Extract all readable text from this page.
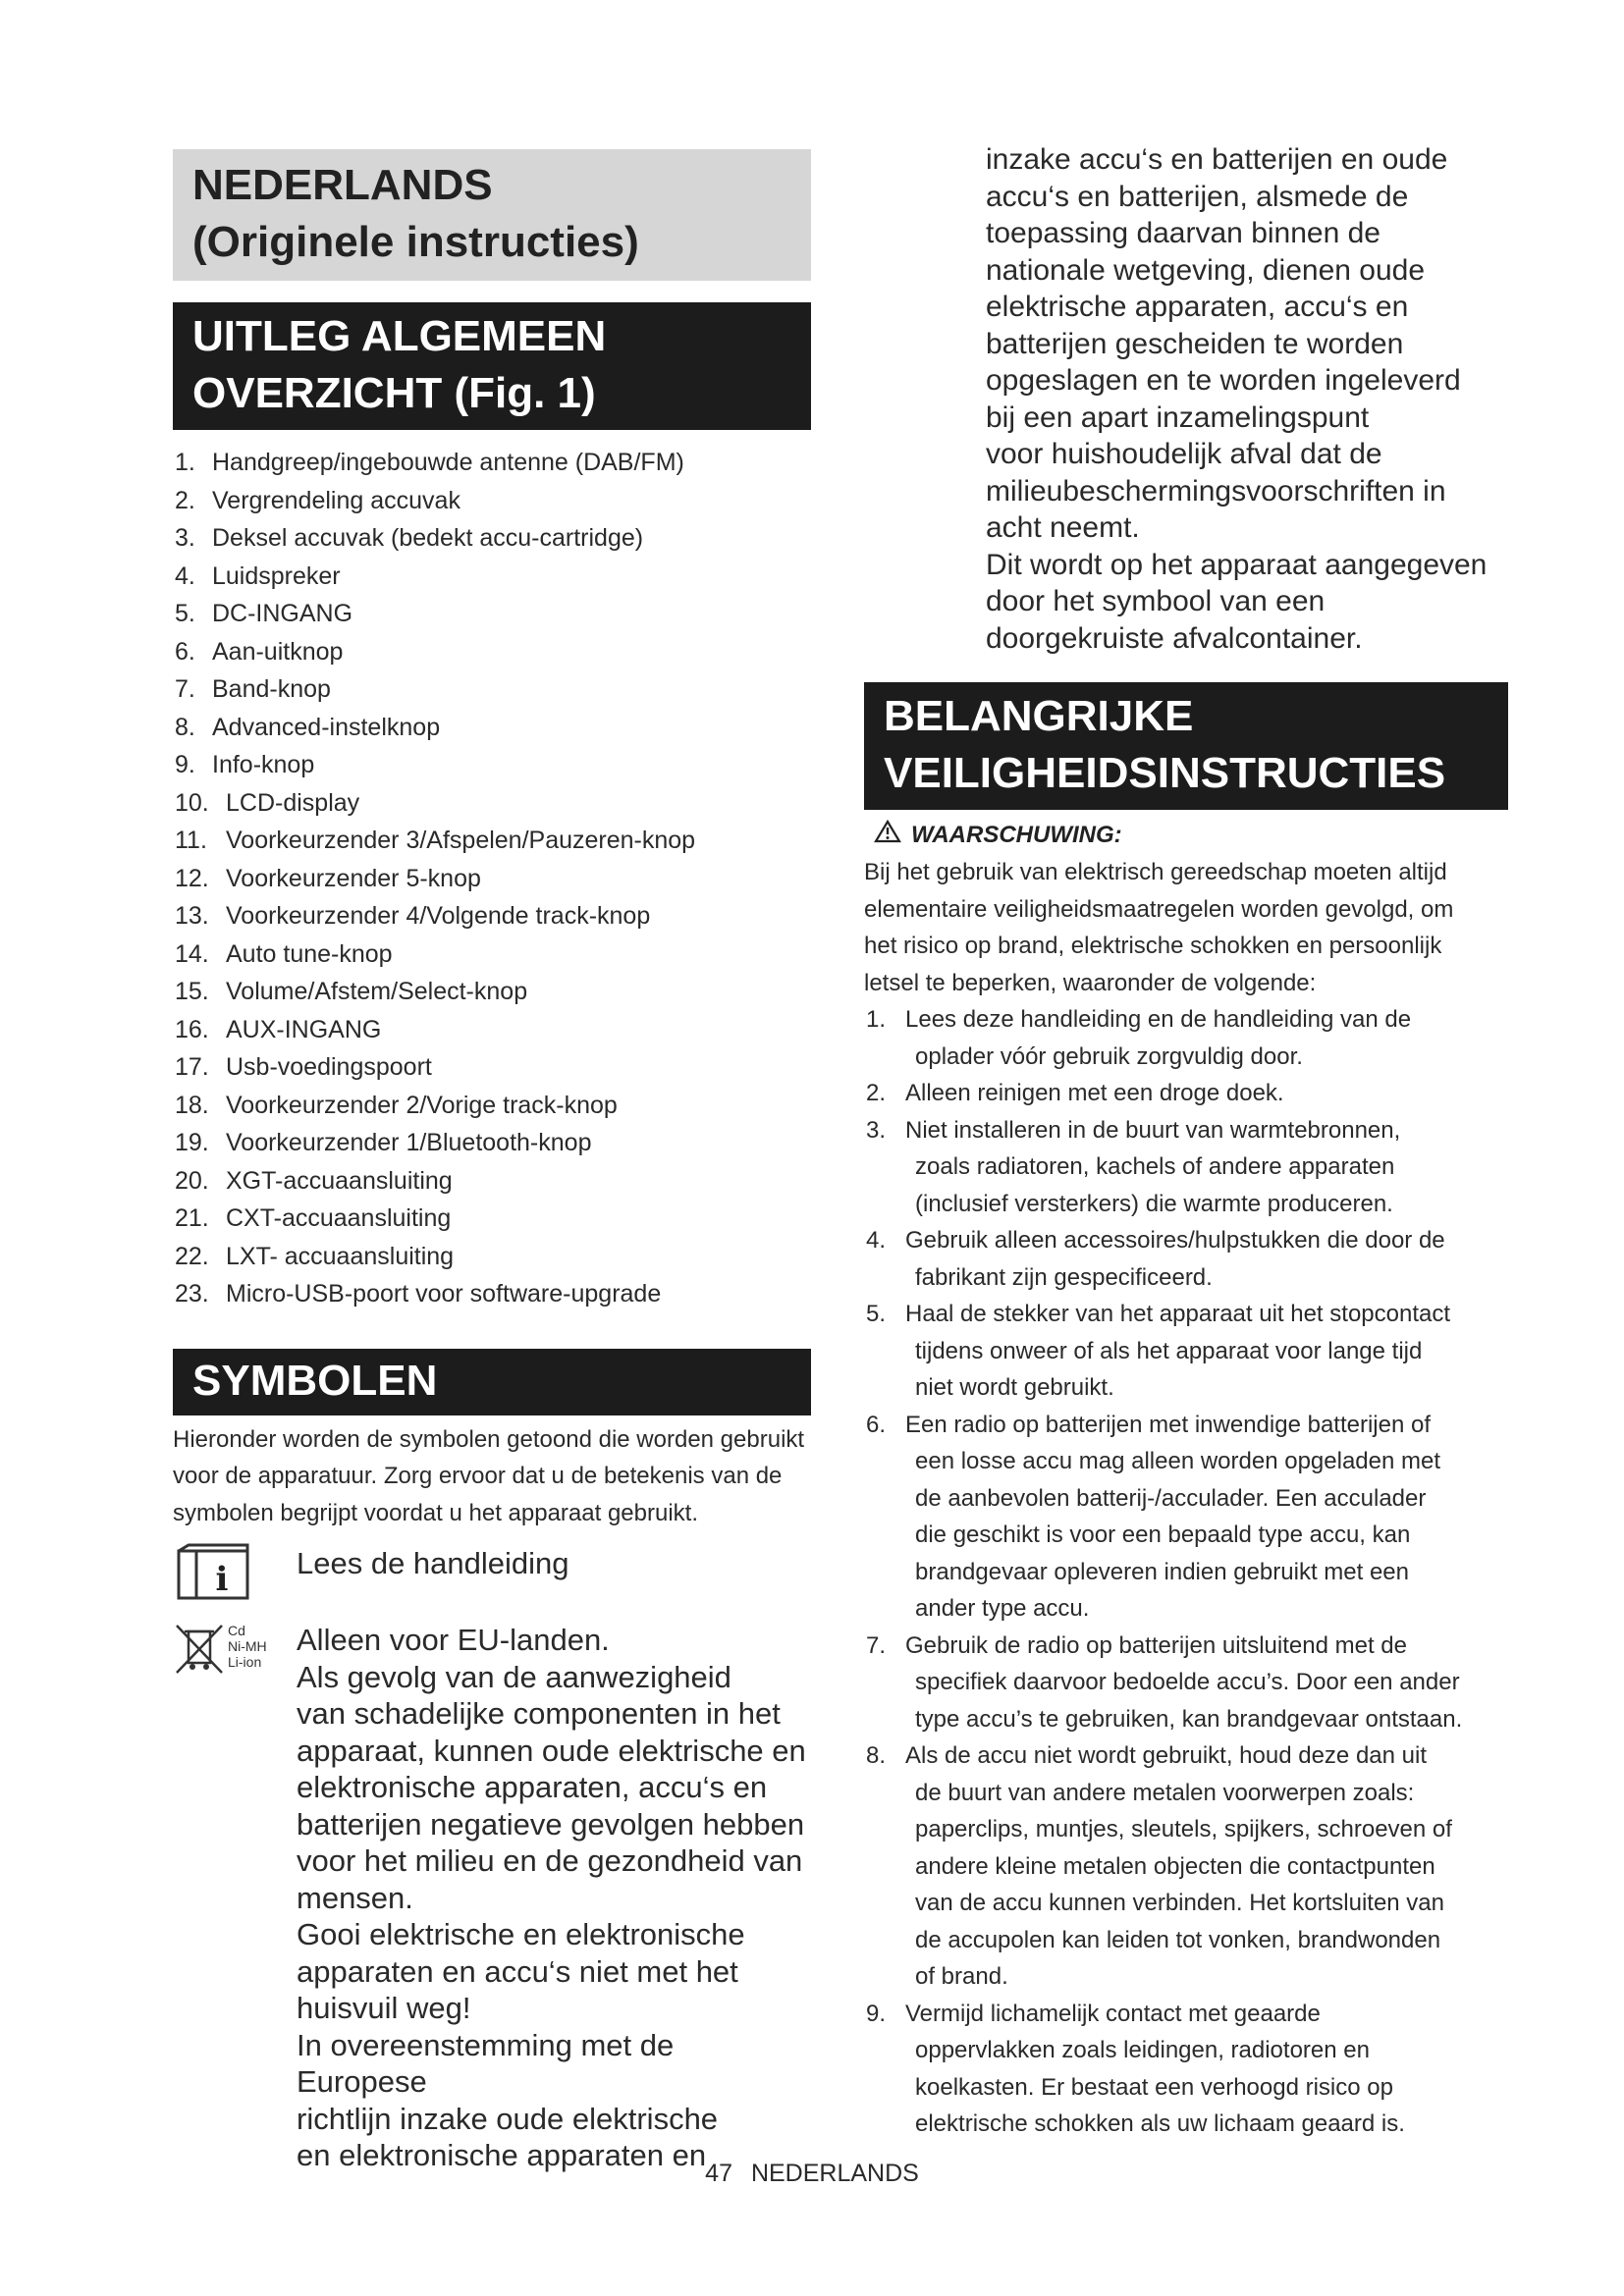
NEDERLANDS
(Originele instructies)
UITLEG ALGEMEEN
OVERZICHT (Fig. 1)
1. Handgreep/ingebouwde antenne (DAB/FM)
2. Vergrendeling accuvak
3. Deksel accuvak (bedekt accu-cartridge)
4. Luidspreker
5. DC-INGANG
6. Aan-uitknop
7. Band-knop
8. Advanced-instelknop
9. Info-knop
10. LCD-display
11. Voorkeurzender 3/Afspelen/Pauzeren-knop
12. Voorkeurzender 5-knop
13. Voorkeurzender 4/Volgende track-knop
14. Auto tune-knop
15. Volume/Afstem/Select-knop
16. AUX-INGANG
17. Usb-voedingspoort
18. Voorkeurzender 2/Vorige track-knop
19. Voorkeurzender 1/Bluetooth-knop
20. XGT-accuaansluiting
21. CXT-accuaansluiting
22. LXT- accuaansluiting
23. Micro-USB-poort voor software-upgrade
SYMBOLEN
Hieronder worden de symbolen getoond die worden gebruikt voor de apparatuur. Zorg ervoor dat u de betekenis van de symbolen begrijpt voordat u het apparaat gebruikt.
i Lees de handleiding
Cd
Ni-MH
Li-ion
Alleen voor EU-landen.
Als gevolg van de aanwezigheid
van schadelijke componenten in het
apparaat, kunnen oude elektrische en
elektronische apparaten, accu‘s en
batterijen negatieve gevolgen hebben
voor het milieu en de gezondheid van
mensen.
Gooi elektrische en elektronische
apparaten en accu‘s niet met het
huisvuil weg!
In overeenstemming met de Europese
richtlijn inzake oude elektrische
en elektronische apparaten en
inzake accu‘s en batterijen en oude
accu‘s en batterijen, alsmede de
toepassing daarvan binnen de
nationale wetgeving, dienen oude
elektrische apparaten, accu‘s en
batterijen gescheiden te worden
opgeslagen en te worden ingeleverd
bij een apart inzamelingspunt
voor huishoudelijk afval dat de
milieubeschermingsvoorschriften in
acht neemt.
Dit wordt op het apparaat aangegeven
door het symbool van een
doorgekruiste afvalcontainer.
BELANGRIJKE
VEILIGHEIDSINSTRUCTIES
WAARSCHUWING:
Bij het gebruik van elektrisch gereedschap moeten altijd
elementaire veiligheidsmaatregelen worden gevolgd, om
het risico op brand, elektrische schokken en persoonlijk
letsel te beperken, waaronder de volgende:
1. Lees deze handleiding en de handleiding van de
oplader vóór gebruik zorgvuldig door.
2. Alleen reinigen met een droge doek.
3. Niet installeren in de buurt van warmtebronnen,
zoals radiatoren, kachels of andere apparaten
(inclusief versterkers) die warmte produceren.
4. Gebruik alleen accessoires/hulpstukken die door de
fabrikant zijn gespecificeerd.
5. Haal de stekker van het apparaat uit het stopcontact
tijdens onweer of als het apparaat voor lange tijd
niet wordt gebruikt.
6. Een radio op batterijen met inwendige batterijen of
een losse accu mag alleen worden opgeladen met
de aanbevolen batterij-/acculader. Een acculader
die geschikt is voor een bepaald type accu, kan
brandgevaar opleveren indien gebruikt met een
ander type accu.
7. Gebruik de radio op batterijen uitsluitend met de
specifiek daarvoor bedoelde accu’s. Door een ander
type accu’s te gebruiken, kan brandgevaar ontstaan.
8. Als de accu niet wordt gebruikt, houd deze dan uit
de buurt van andere metalen voorwerpen zoals:
paperclips, muntjes, sleutels, spijkers, schroeven of
andere kleine metalen objecten die contactpunten
van de accu kunnen verbinden. Het kortsluiten van
de accupolen kan leiden tot vonken, brandwonden
of brand.
9. Vermijd lichamelijk contact met geaarde
oppervlakken zoals leidingen, radiotoren en
koelkasten. Er bestaat een verhoogd risico op
elektrische schokken als uw lichaam geaard is.
47 NEDERLANDS
